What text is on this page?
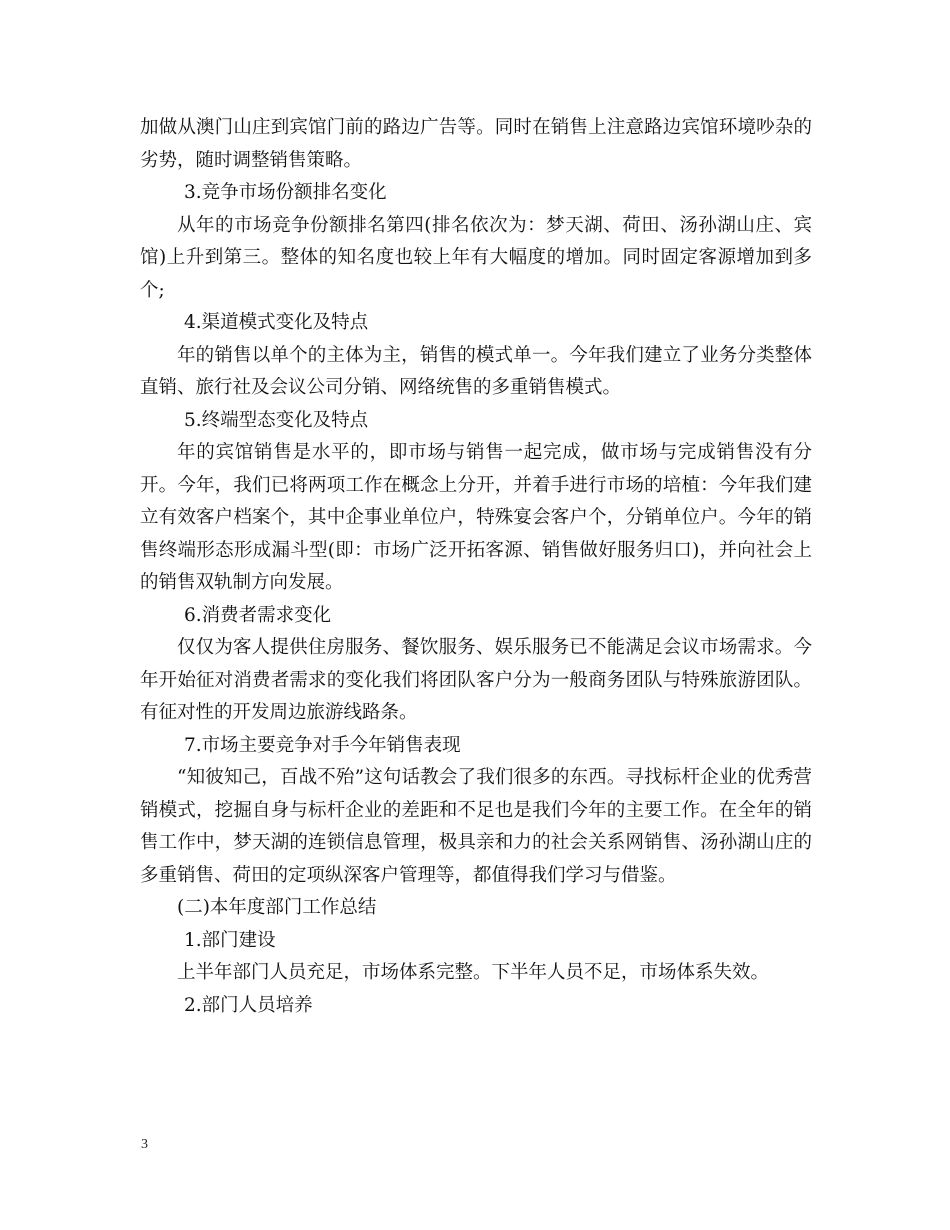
加做从澳门山庄到宾馆门前的路边广告等。同时在销售上注意路边宾馆环境吵杂的劣势，随时调整销售策略。

3.竞争市场份额排名变化

从年的市场竞争份额排名第四(排名依次为：梦天湖、荷田、汤孙湖山庄、宾馆)上升到第三。整体的知名度也较上年有大幅度的增加。同时固定客源增加到多个;

4.渠道模式变化及特点

年的销售以单个的主体为主，销售的模式单一。今年我们建立了业务分类整体直销、旅行社及会议公司分销、网络统售的多重销售模式。

5.终端型态变化及特点

年的宾馆销售是水平的，即市场与销售一起完成，做市场与完成销售没有分开。今年，我们已将两项工作在概念上分开，并着手进行市场的培植：今年我们建立有效客户档案个，其中企事业单位户，特殊宴会客户个，分销单位户。今年的销售终端形态形成漏斗型(即：市场广泛开拓客源、销售做好服务归口)，并向社会上的销售双轨制方向发展。

6.消费者需求变化

仅仅为客人提供住房服务、餐饮服务、娱乐服务已不能满足会议市场需求。今年开始征对消费者需求的变化我们将团队客户分为一般商务团队与特殊旅游团队。有征对性的开发周边旅游线路条。

7.市场主要竞争对手今年销售表现

“知彼知己，百战不殆”这句话教会了我们很多的东西。寻找标杆企业的优秀营销模式，挖掘自身与标杆企业的差距和不足也是我们今年的主要工作。在全年的销售工作中，梦天湖的连锁信息管理，极具亲和力的社会关系网销售、汤孙湖山庄的多重销售、荷田的定项纵深客户管理等，都值得我们学习与借鉴。

(二)本年度部门工作总结

1.部门建设

上半年部门人员充足，市场体系完整。下半年人员不足，市场体系失效。

2.部门人员培养

3
